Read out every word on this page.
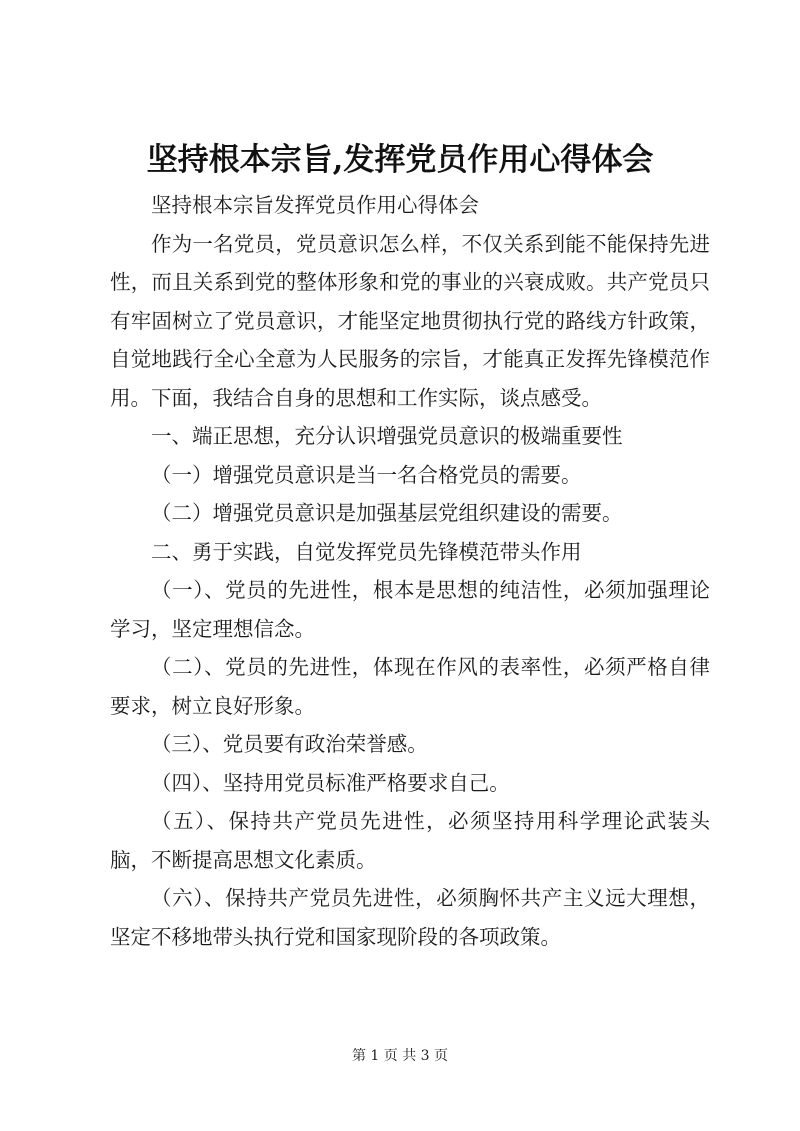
坚持根本宗旨,发挥党员作用心得体会

坚持根本宗旨发挥党员作用心得体会

作为一名党员，党员意识怎么样，不仅关系到能不能保持先进性，而且关系到党的整体形象和党的事业的兴衰成败。共产党员只有牢固树立了党员意识，才能坚定地贯彻执行党的路线方针政策，自觉地践行全心全意为人民服务的宗旨，才能真正发挥先锋模范作用。下面，我结合自身的思想和工作实际，谈点感受。

一、端正思想，充分认识增强党员意识的极端重要性

（一）增强党员意识是当一名合格党员的需要。

（二）增强党员意识是加强基层党组织建设的需要。

二、勇于实践，自觉发挥党员先锋模范带头作用

（一）、党员的先进性，根本是思想的纯洁性，必须加强理论学习，坚定理想信念。

（二）、党员的先进性，体现在作风的表率性，必须严格自律要求，树立良好形象。

（三）、党员要有政治荣誉感。

（四）、坚持用党员标准严格要求自己。

（五）、保持共产党员先进性，必须坚持用科学理论武装头脑，不断提高思想文化素质。

（六）、保持共产党员先进性，必须胸怀共产主义远大理想，坚定不移地带头执行党和国家现阶段的各项政策。

第 1 页 共 3 页
